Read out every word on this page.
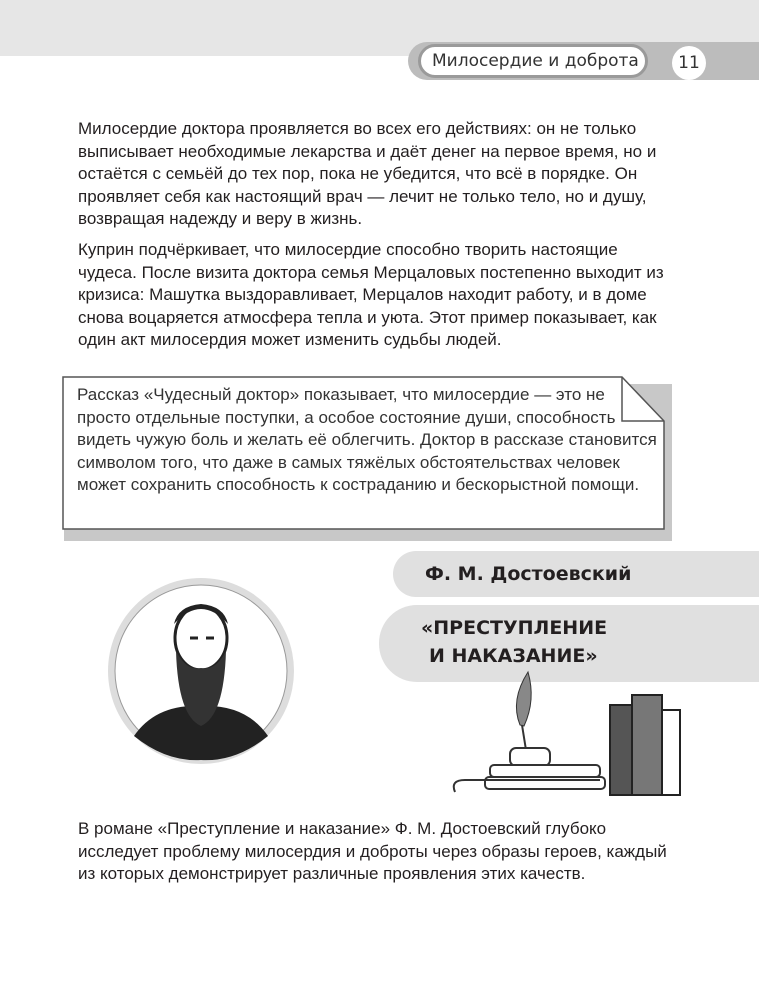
Милосердие и доброта	11
Милосердие доктора проявляется во всех его действиях: он не только выписывает необходимые лекарства и даёт денег на первое время, но и остаётся с семьёй до тех пор, пока не убедится, что всё в порядке. Он проявляет себя как настоящий врач — лечит не только тело, но и душу, возвращая надежду и веру в жизнь.
Куприн подчёркивает, что милосердие способно творить настоящие чудеса. После визита доктора семья Мерцаловых постепенно выходит из кризиса: Машутка выздоравливает, Мерцалов находит работу, и в доме снова воцаряется атмосфера тепла и уюта. Этот пример показывает, как один акт милосердия может изменить судьбы людей.
Рассказ «Чудесный доктор» показывает, что милосердие — это не просто отдельные поступки, а особое состояние души, способность видеть чужую боль и желать её облегчить. Доктор в рассказе становится символом того, что даже в самых тяжёлых обстоятельствах человек может сохранить способность к состраданию и бескорыстной помощи.
Ф. М. Достоевский
«ПРЕСТУПЛЕНИЕ
И НАКАЗАНИЕ»
В романе «Преступление и наказание» Ф. М. Достоевский глубоко исследует проблему милосердия и доброты через образы героев, каждый из которых демонстрирует различные проявления этих качеств.
